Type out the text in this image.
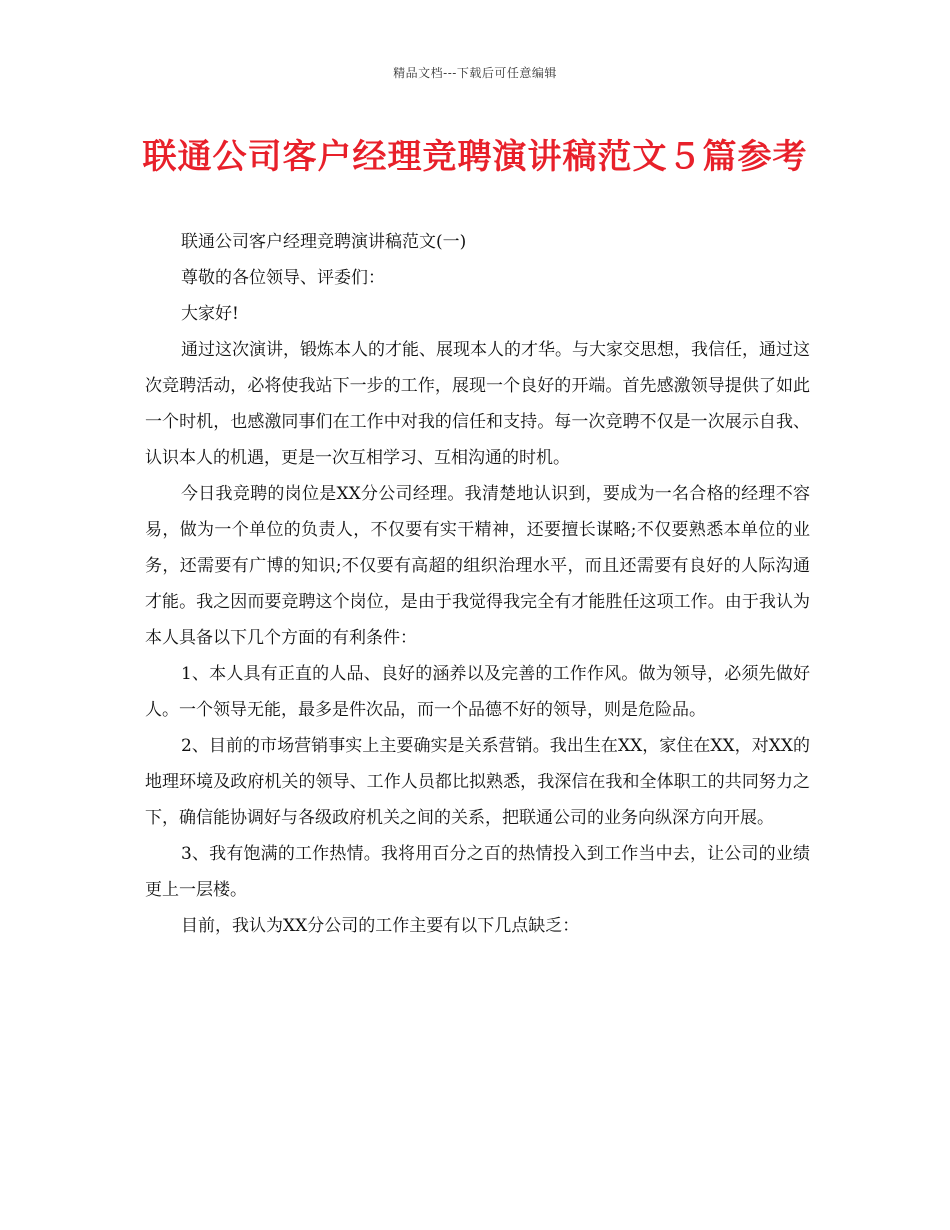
精品文档---下载后可任意编辑
联通公司客户经理竞聘演讲稿范文５篇参考

联通公司客户经理竞聘演讲稿范文(一)

尊敬的各位领导、评委们：

大家好!

通过这次演讲，锻炼本人的才能、展现本人的才华。与大家交思想，我信任，通过这次竞聘活动，必将使我站下一步的工作，展现一个良好的开端。首先感激领导提供了如此一个时机，也感激同事们在工作中对我的信任和支持。每一次竞聘不仅是一次展示自我、认识本人的机遇，更是一次互相学习、互相沟通的时机。

今日我竞聘的岗位是XX分公司经理。我清楚地认识到，要成为一名合格的经理不容易，做为一个单位的负责人，不仅要有实干精神，还要擅长谋略;不仅要熟悉本单位的业务，还需要有广博的知识;不仅要有高超的组织治理水平，而且还需要有良好的人际沟通才能。我之因而要竞聘这个岗位，是由于我觉得我完全有才能胜任这项工作。由于我认为本人具备以下几个方面的有利条件：

1、本人具有正直的人品、良好的涵养以及完善的工作作风。做为领导，必须先做好人。一个领导无能，最多是件次品，而一个品德不好的领导，则是危险品。

2、目前的市场营销事实上主要确实是关系营销。我出生在XX，家住在XX，对XX的地理环境及政府机关的领导、工作人员都比拟熟悉，我深信在我和全体职工的共同努力之下，确信能协调好与各级政府机关之间的关系，把联通公司的业务向纵深方向开展。

3、我有饱满的工作热情。我将用百分之百的热情投入到工作当中去，让公司的业绩更上一层楼。

目前，我认为XX分公司的工作主要有以下几点缺乏：
